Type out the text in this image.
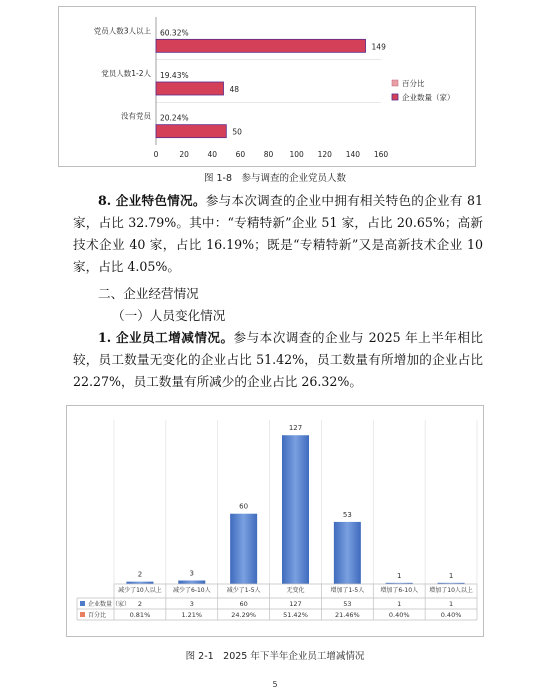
149
60.32%
党员人数3人以上
48
19.43%
党员人数1-2人
50
20.24%
没有党员
0	20 40 60 80 100 120 140 160
百分比
企业数量（家）
图 1-8　参与调查的企业党员人数

8. 企业特色情况。参与本次调查的企业中拥有相关特色的企业有 81 家，占比 32.79%。其中：“专精特新”企业 51 家，占比 20.65%；高新技术企业 40 家，占比 16.19%；既是“专精特新”又是高新技术企业 10 家，占比 4.05%。

二、企业经营情况
（一）人员变化情况

1. 企业员工增减情况。参与本次调查的企业与 2025 年上半年相比较，员工数量无变化的企业占比 51.42%，员工数量有所增加的企业占比 22.27%，员工数量有所减少的企业占比 26.32%。

2
减少了10人以上
3
减少了6-10人
60
减少了1-5人
127
无变化
53
增加了1-5人
1
增加了6-10人
1
增加了10人以上
企业数量（家）
百分比
2
0.81%
3
1.21%
60
24.29%
127
51.42%
53
21.46%
1
0.40%
1
0.40%
图 2-1　2025 年下半年企业员工增减情况
5
